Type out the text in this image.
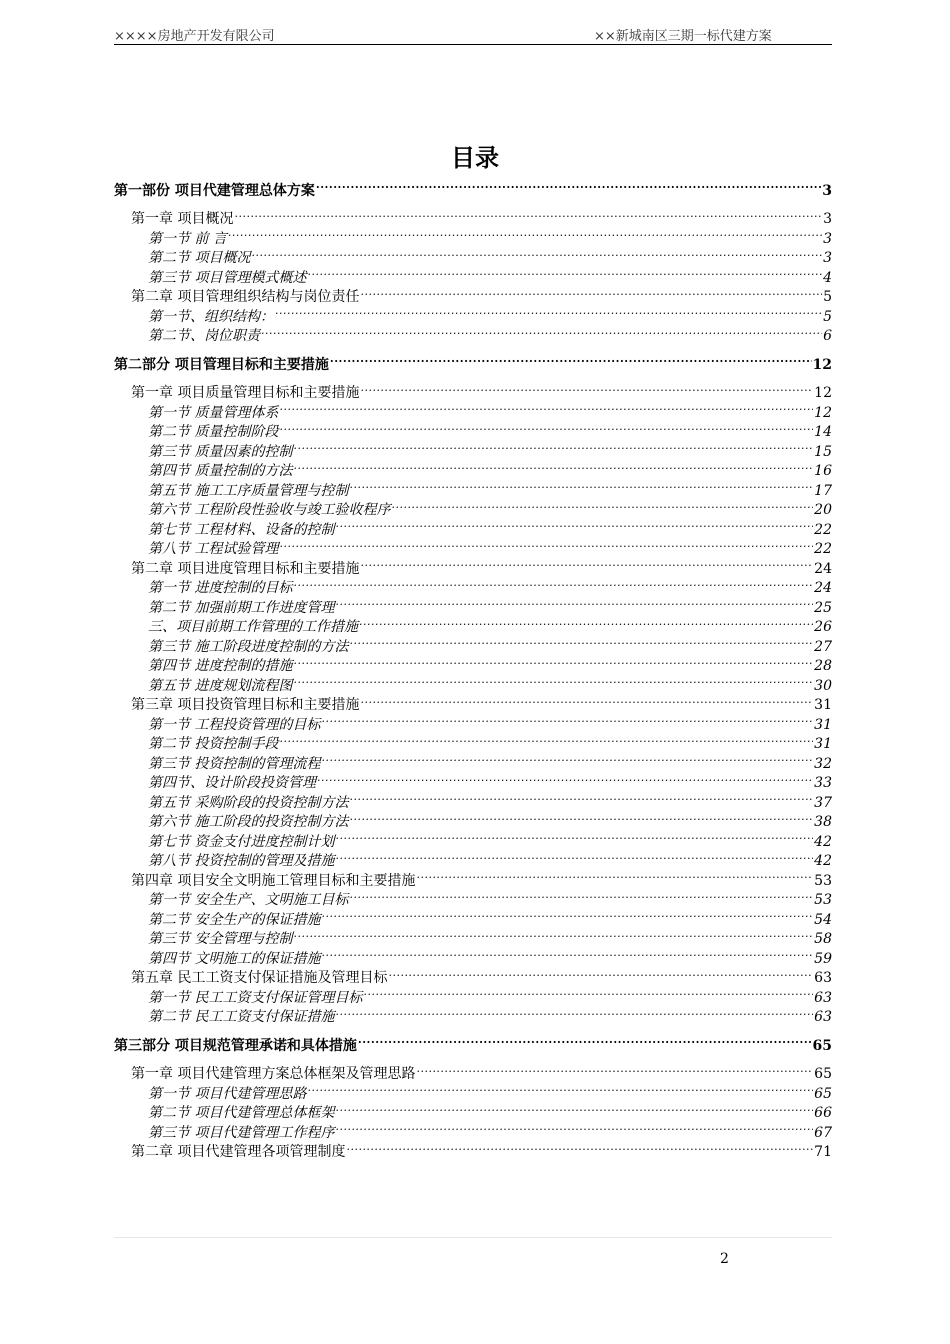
××××房地产开发有限公司	××新城南区三期一标代建方案
目录
第一部份 项目代建管理总体方案 .....	3
第一章 项目概况 .....	3
第一节 前 言 .....	3
第二节 项目概况 .....	3
第三节 项目管理模式概述 .....	4
第二章 项目管理组织结构与岗位责任 .....	5
第一节、组织结构： .....	5
第二节、岗位职责 .....	6
第二部分 项目管理目标和主要措施 .....	12
第一章 项目质量管理目标和主要措施 .....	12
第一节 质量管理体系 .....	12
第二节 质量控制阶段 .....	14
第三节 质量因素的控制 .....	15
第四节 质量控制的方法 .....	16
第五节 施工工序质量管理与控制 .....	17
第六节 工程阶段性验收与竣工验收程序 .....	20
第七节 工程材料、设备的控制 .....	22
第八节 工程试验管理 .....	22
第二章 项目进度管理目标和主要措施 .....	24
第一节 进度控制的目标 .....	24
第二节 加强前期工作进度管理 .....	25
三、项目前期工作管理的工作措施 .....	26
第三节 施工阶段进度控制的方法 .....	27
第四节 进度控制的措施 .....	28
第五节 进度规划流程图 .....	30
第三章 项目投资管理目标和主要措施 .....	31
第一节 工程投资管理的目标 .....	31
第二节 投资控制手段 .....	31
第三节 投资控制的管理流程 .....	32
第四节、设计阶段投资管理 .....	33
第五节 采购阶段的投资控制方法 .....	37
第六节 施工阶段的投资控制方法 .....	38
第七节 资金支付进度控制计划 .....	42
第八节 投资控制的管理及措施 .....	42
第四章 项目安全文明施工管理目标和主要措施 .....	53
第一节 安全生产、文明施工目标 .....	53
第二节 安全生产的保证措施 .....	54
第三节 安全管理与控制 .....	58
第四节 文明施工的保证措施 .....	59
第五章 民工工资支付保证措施及管理目标 .....	63
第一节 民工工资支付保证管理目标 .....	63
第二节 民工工资支付保证措施 .....	63
第三部分 项目规范管理承诺和具体措施 .....	65
第一章 项目代建管理方案总体框架及管理思路 .....	65
第一节 项目代建管理思路 .....	65
第二节 项目代建管理总体框架 .....	66
第三节 项目代建管理工作程序 .....	67
第二章 项目代建管理各项管理制度 .....	71
2
